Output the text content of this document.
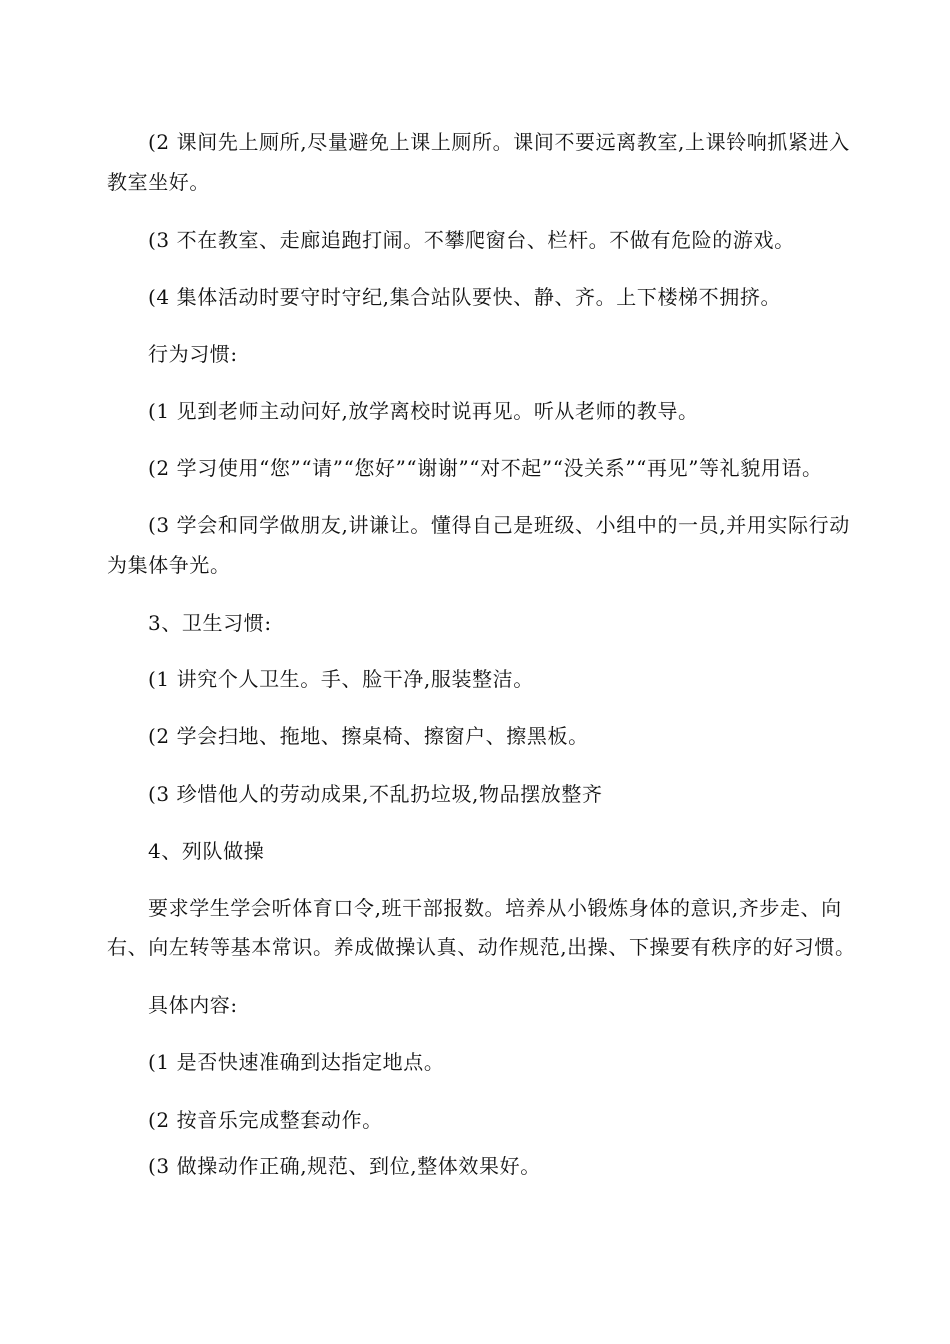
(2 课间先上厕所,尽量避免上课上厕所。课间不要远离教室,上课铃响抓紧进入
教室坐好。
(3 不在教室、走廊追跑打闹。不攀爬窗台、栏杆。不做有危险的游戏。
(4 集体活动时要守时守纪,集合站队要快、静、齐。上下楼梯不拥挤。
行为习惯:
(1 见到老师主动问好,放学离校时说再见。听从老师的教导。
(2 学习使用“您”“请”“您好”“谢谢”“对不起”“没关系”“再见”等礼貌用语。
(3 学会和同学做朋友,讲谦让。懂得自己是班级、小组中的一员,并用实际行动
为集体争光。
3、卫生习惯:
(1 讲究个人卫生。手、脸干净,服装整洁。
(2 学会扫地、拖地、擦桌椅、擦窗户、擦黑板。
(3 珍惜他人的劳动成果,不乱扔垃圾,物品摆放整齐
4、列队做操
要求学生学会听体育口令,班干部报数。培养从小锻炼身体的意识,齐步走、向
右、向左转等基本常识。养成做操认真、动作规范,出操、下操要有秩序的好习惯。
具体内容:
(1 是否快速准确到达指定地点。
(2 按音乐完成整套动作。
(3 做操动作正确,规范、到位,整体效果好。
